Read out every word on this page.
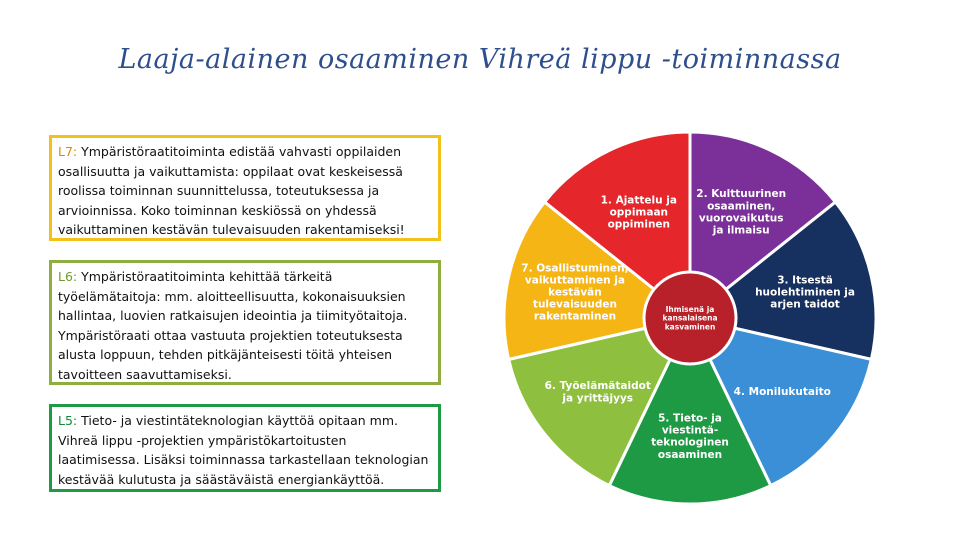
Laaja-alainen osaaminen Vihreä lippu -toiminnassa
L7: Ympäristöraatitoiminta edistää vahvasti oppilaiden osallisuutta ja vaikuttamista: oppilaat ovat keskeisessä roolissa toiminnan suunnittelussa, toteutuksessa ja arvioinnissa. Koko toiminnan keskiössä on yhdessä vaikuttaminen kestävän tulevaisuuden rakentamiseksi!
L6: Ympäristöraatitoiminta kehittää tärkeitä työelämätaitoja: mm. aloitteellisuutta, kokonaisuuksien hallintaa, luovien ratkaisujen ideointia ja tiimityötaitoja. Ympäristöraati ottaa vastuuta projektien toteutuksesta alusta loppuun, tehden pitkäjänteisesti töitä yhteisen tavoitteen saavuttamiseksi.
L5: Tieto- ja viestintäteknologian käyttöä opitaan mm. Vihreä lippu -projektien ympäristökartoitusten laatimisessa. Lisäksi toiminnassa tarkastellaan teknologian kestävää kulutusta ja säästäväistä energiankäyttöä.
1. Ajattelu ja oppimaan oppiminen
2. Kulttuurinen osaaminen, vuorovaikutus ja ilmaisu
3. Itsestä huolehtiminen ja arjen taidot
4. Monilukutaito
5. Tieto- ja viestintä-teknologinen osaaminen
6. Työelämätaidot ja yrittäjyys
7. Osallistuminen, vaikuttaminen ja kestävän tulevaisuuden rakentaminen
Ihmisenä ja kansalaisena kasvaminen
